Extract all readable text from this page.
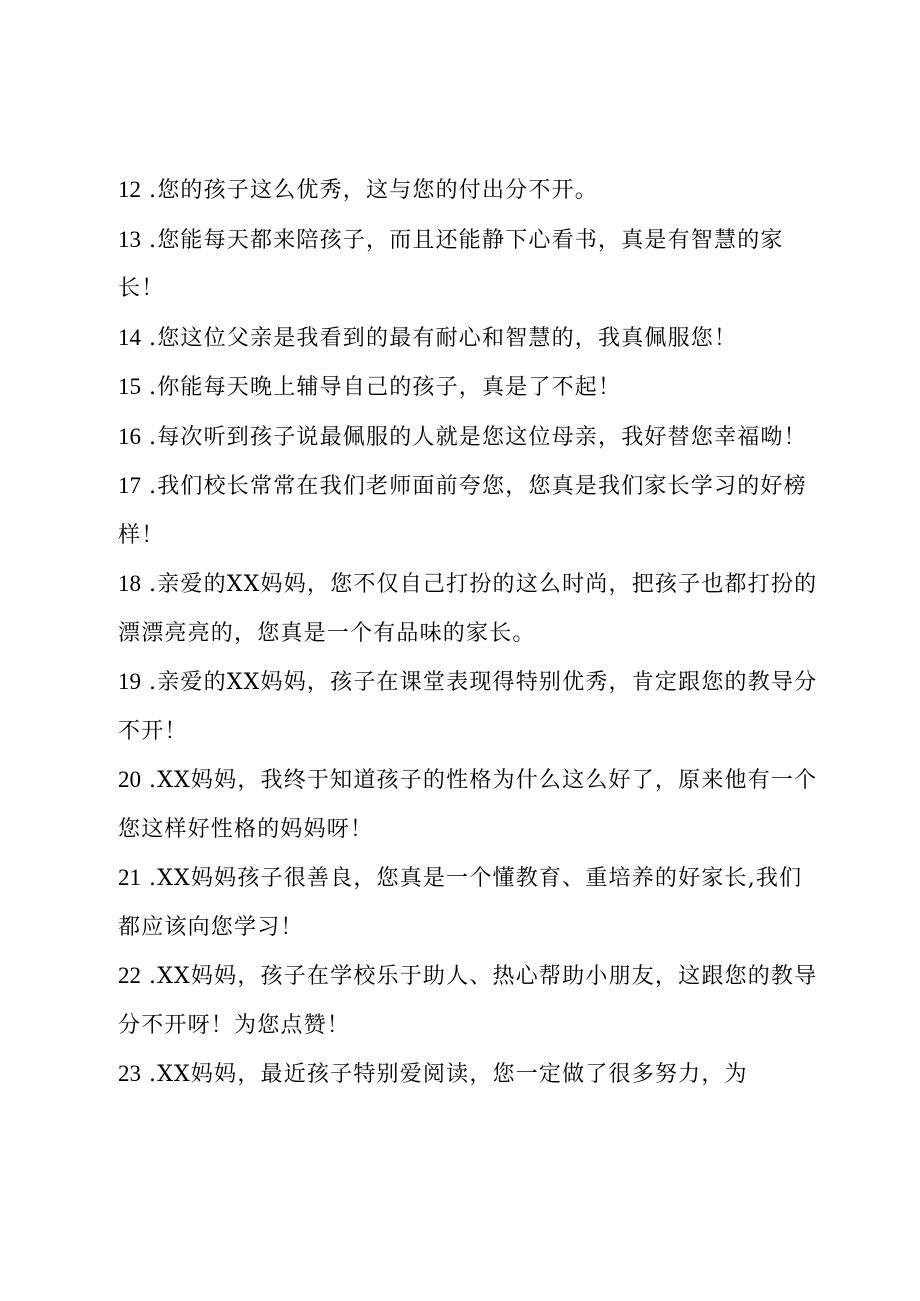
12 .您的孩子这么优秀，这与您的付出分不开。

13 .您能每天都来陪孩子，而且还能静下心看书，真是有智慧的家长！

14 .您这位父亲是我看到的最有耐心和智慧的，我真佩服您！

15 .你能每天晚上辅导自己的孩子，真是了不起！

16 .每次听到孩子说最佩服的人就是您这位母亲，我好替您幸福呦！

17 .我们校长常常在我们老师面前夸您，您真是我们家长学习的好榜样！

18 .亲爱的XX妈妈，您不仅自己打扮的这么时尚，把孩子也都打扮的漂漂亮亮的，您真是一个有品味的家长。

19 .亲爱的XX妈妈，孩子在课堂表现得特别优秀，肯定跟您的教导分不开！

20 .XX妈妈，我终于知道孩子的性格为什么这么好了，原来他有一个您这样好性格的妈妈呀！

21 .XX妈妈孩子很善良，您真是一个懂教育、重培养的好家长,我们都应该向您学习！

22 .XX妈妈，孩子在学校乐于助人、热心帮助小朋友，这跟您的教导分不开呀！为您点赞！

23 .XX妈妈，最近孩子特别爱阅读，您一定做了很多努力，为
